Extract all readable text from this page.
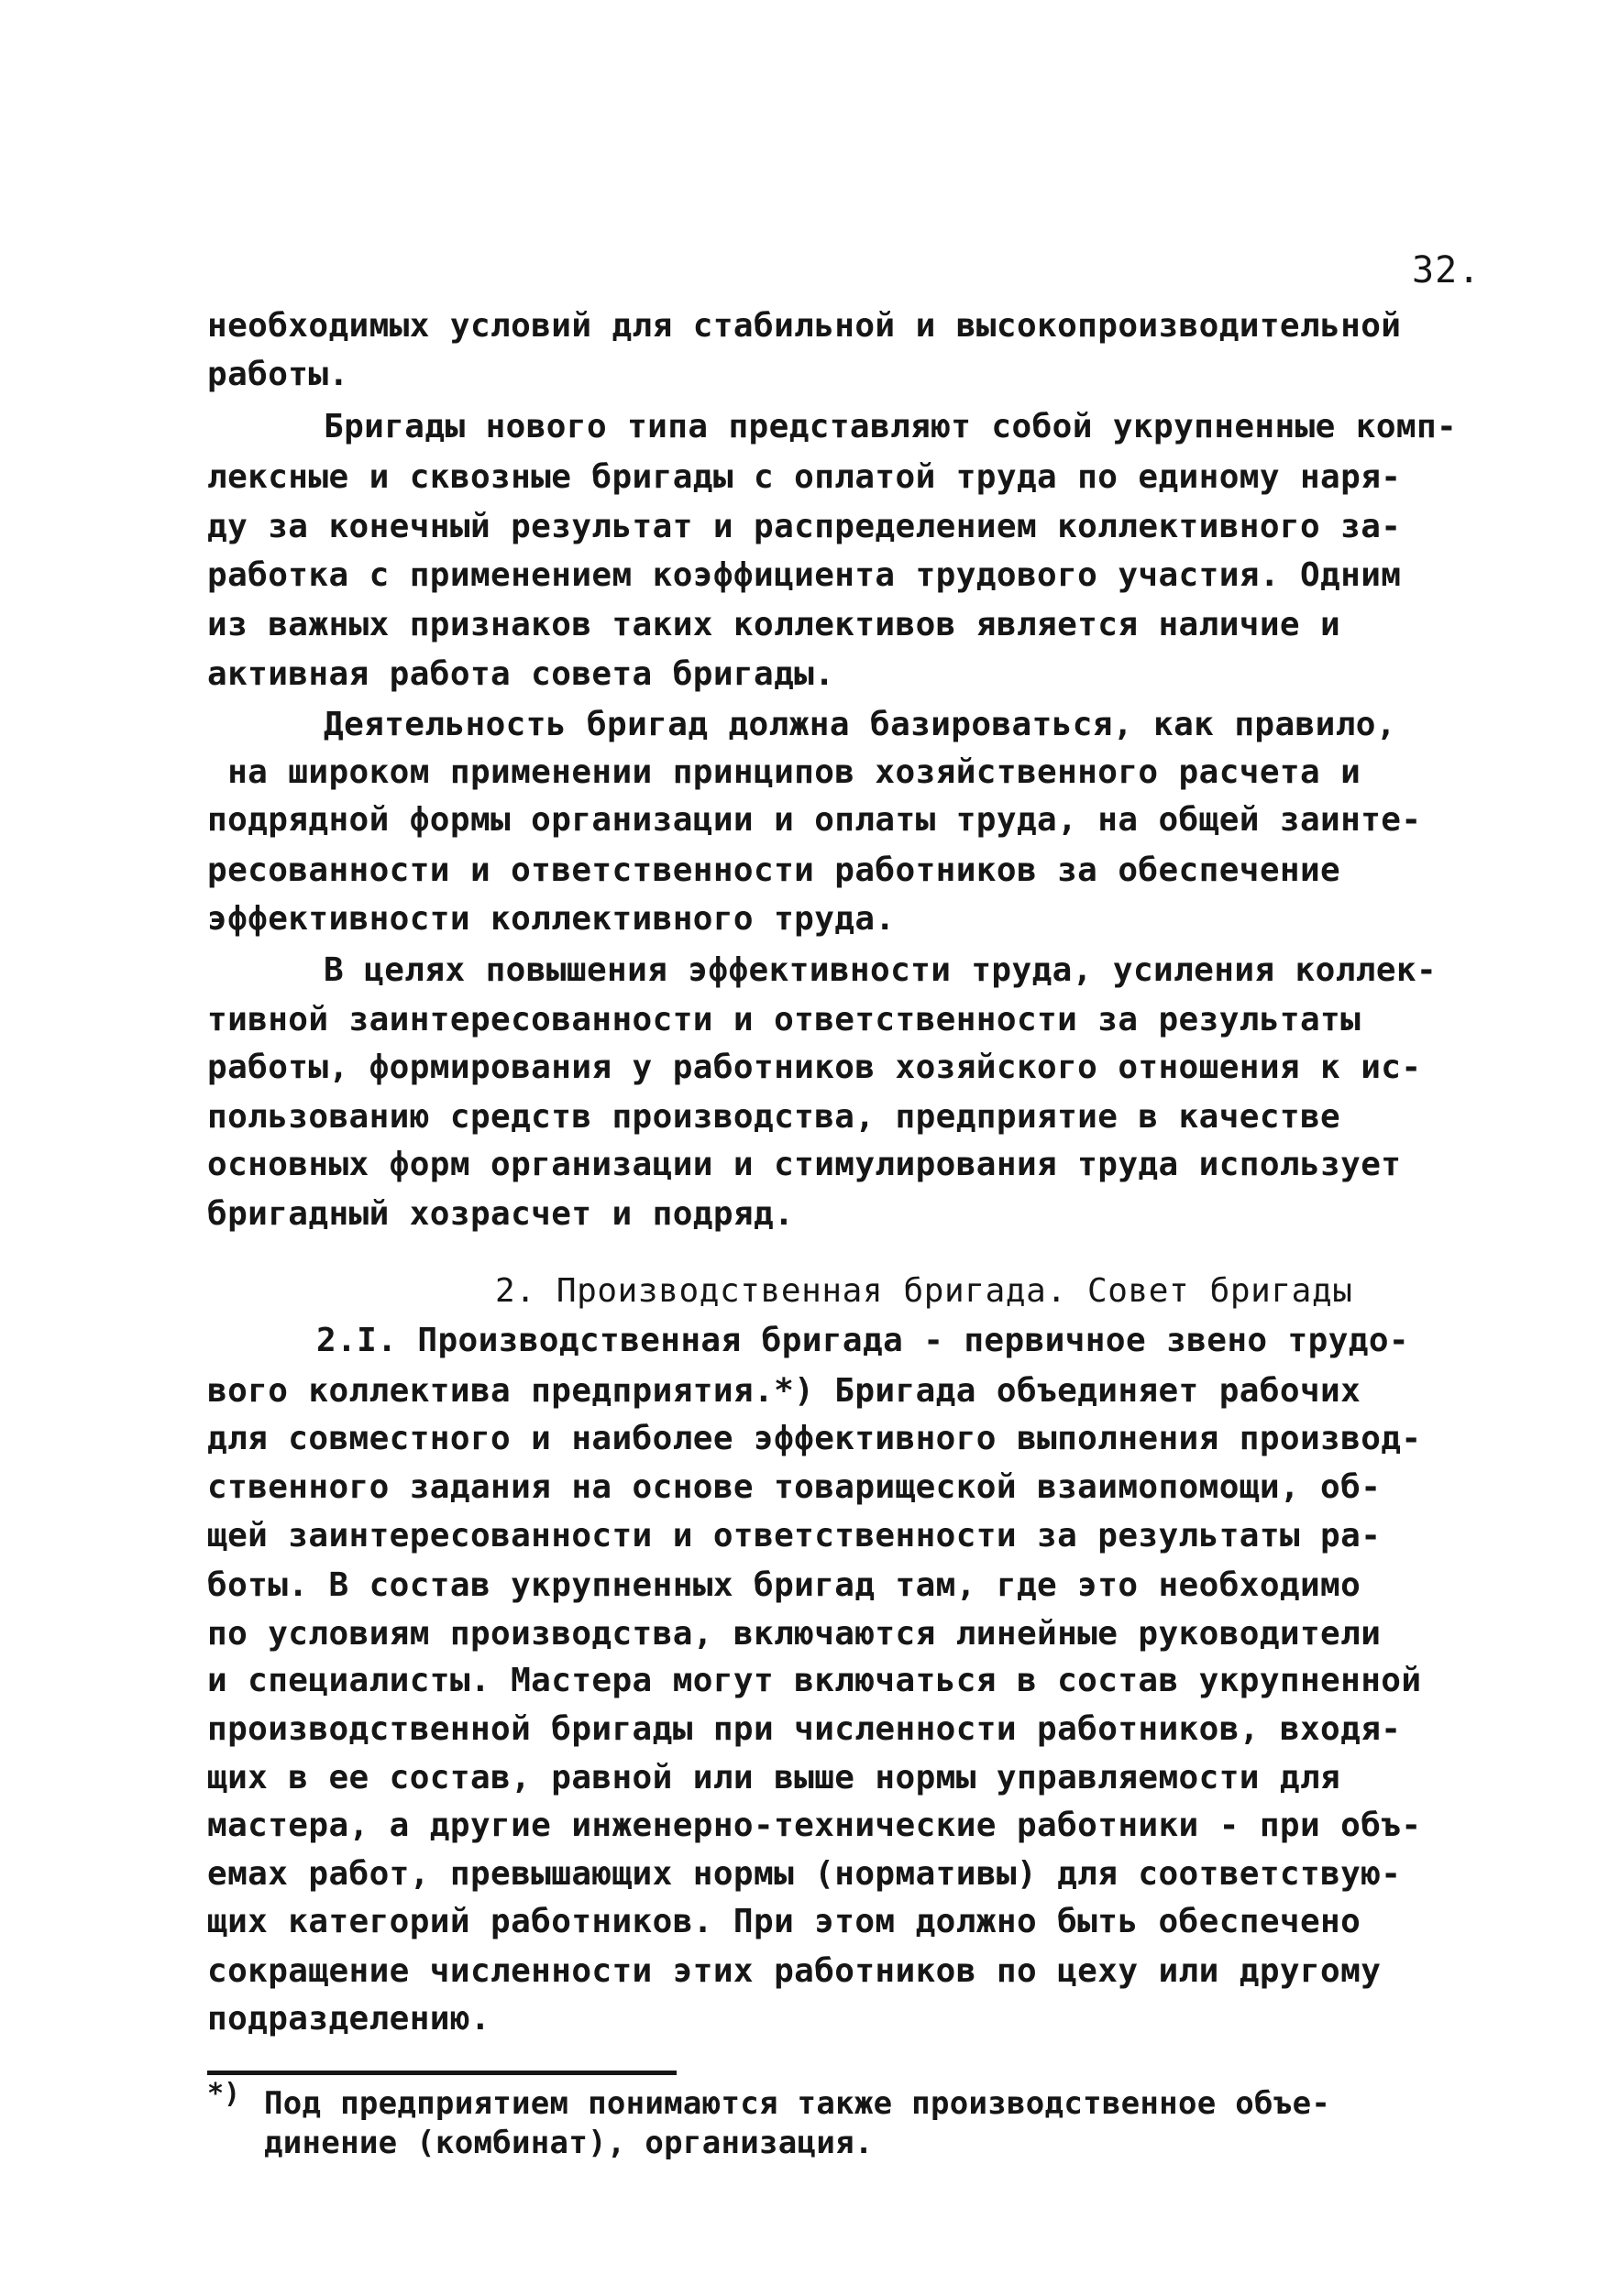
32.
необходимых условий для стабильной и высокопроизводительной
работы.
Бригады нового типа представляют собой укрупненные комп-
лексные и сквозные бригады с оплатой труда по единому наря-
ду за конечный результат и распределением коллективного за-
работка с применением коэффициента трудового участия. Одним
из важных признаков таких коллективов является наличие и
активная работа совета бригады.
Деятельность бригад должна базироваться, как правило,
на широком применении принципов хозяйственного расчета и
подрядной формы организации и оплаты труда, на общей заинте-
ресованности и ответственности работников за обеспечение
эффективности коллективного труда.
В целях повышения эффективности труда, усиления коллек-
тивной заинтересованности и ответственности за результаты
работы, формирования у работников хозяйского отношения к ис-
пользованию средств производства, предприятие в качестве
основных форм организации и стимулирования труда использует
бригадный хозрасчет и подряд.
2. Производственная бригада. Совет бригады
2.I. Производственная бригада - первичное звено трудо-
вого коллектива предприятия.*) Бригада объединяет рабочих
для совместного и наиболее эффективного выполнения производ-
ственного задания на основе товарищеской взаимопомощи, об-
щей заинтересованности и ответственности за результаты ра-
боты. В состав укрупненных бригад там, где это необходимо
по условиям производства, включаются линейные руководители
и специалисты. Мастера могут включаться в состав укрупненной
производственной бригады при численности работников, входя-
щих в ее состав, равной или выше нормы управляемости для
мастера, а другие инженерно-технические работники - при объ-
емах работ, превышающих нормы (нормативы) для соответствую-
щих категорий работников. При этом должно быть обеспечено
сокращение численности этих работников по цеху или другому
подразделению.
*) Под предприятием понимаются также производственное объе-
динение (комбинат), организация.
